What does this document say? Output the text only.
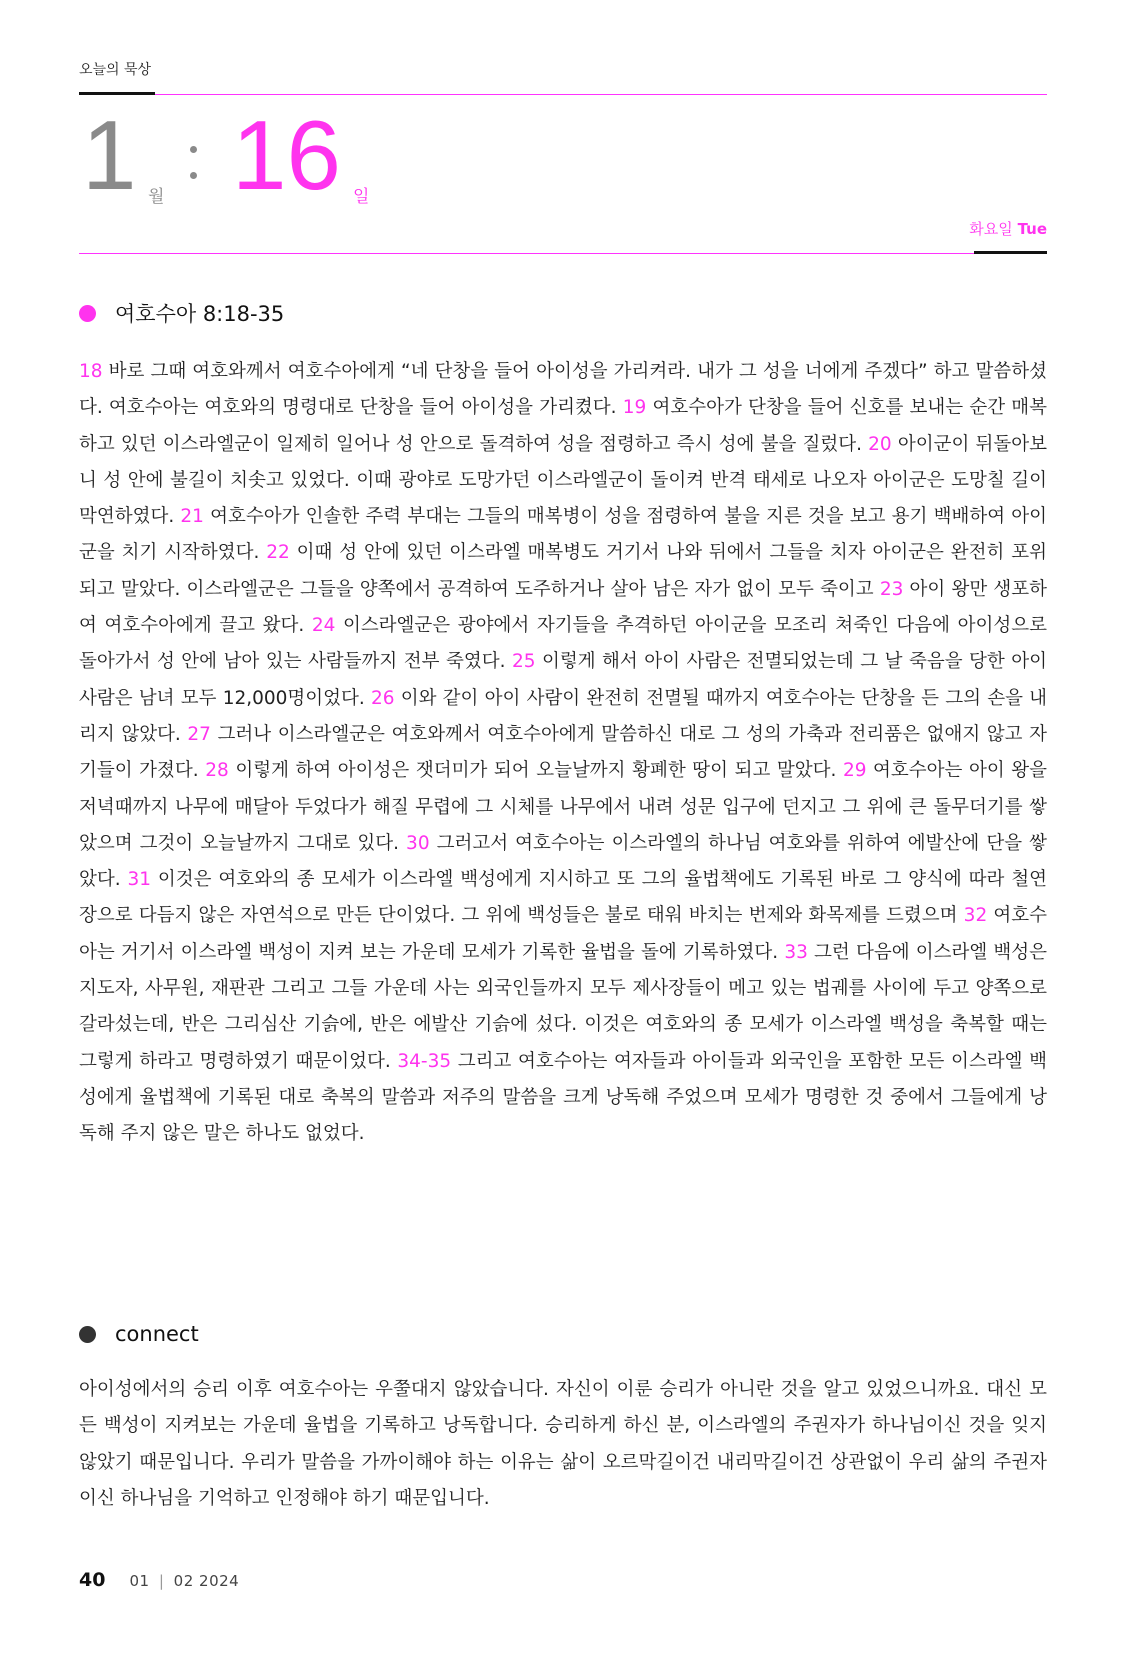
오늘의 묵상
1 월 16 일
화요일 Tue
여호수아 8:18-35
18 바로 그때 여호와께서 여호수아에게 “네 단창을 들어 아이성을 가리켜라. 내가 그 성을 너에게 주겠다” 하고 말씀하셨다. 여호수아는 여호와의 명령대로 단창을 들어 아이성을 가리켰다. 19 여호수아가 단창을 들어 신호를 보내는 순간 매복하고 있던 이스라엘군이 일제히 일어나 성 안으로 돌격하여 성을 점령하고 즉시 성에 불을 질렀다. 20 아이군이 뒤돌아보니 성 안에 불길이 치솟고 있었다. 이때 광야로 도망가던 이스라엘군이 돌이켜 반격 태세로 나오자 아이군은 도망칠 길이 막연하였다. 21 여호수아가 인솔한 주력 부대는 그들의 매복병이 성을 점령하여 불을 지른 것을 보고 용기 백배하여 아이군을 치기 시작하였다. 22 이때 성 안에 있던 이스라엘 매복병도 거기서 나와 뒤에서 그들을 치자 아이군은 완전히 포위되고 말았다. 이스라엘군은 그들을 양쪽에서 공격하여 도주하거나 살아 남은 자가 없이 모두 죽이고 23 아이 왕만 생포하여 여호수아에게 끌고 왔다. 24 이스라엘군은 광야에서 자기들을 추격하던 아이군을 모조리 쳐죽인 다음에 아이성으로 돌아가서 성 안에 남아 있는 사람들까지 전부 죽였다. 25 이렇게 해서 아이 사람은 전멸되었는데 그 날 죽음을 당한 아이 사람은 남녀 모두 12,000명이었다. 26 이와 같이 아이 사람이 완전히 전멸될 때까지 여호수아는 단창을 든 그의 손을 내리지 않았다. 27 그러나 이스라엘군은 여호와께서 여호수아에게 말씀하신 대로 그 성의 가축과 전리품은 없애지 않고 자기들이 가졌다. 28 이렇게 하여 아이성은 잿더미가 되어 오늘날까지 황폐한 땅이 되고 말았다. 29 여호수아는 아이 왕을 저녁때까지 나무에 매달아 두었다가 해질 무렵에 그 시체를 나무에서 내려 성문 입구에 던지고 그 위에 큰 돌무더기를 쌓았으며 그것이 오늘날까지 그대로 있다. 30 그러고서 여호수아는 이스라엘의 하나님 여호와를 위하여 에발산에 단을 쌓았다. 31 이것은 여호와의 종 모세가 이스라엘 백성에게 지시하고 또 그의 율법책에도 기록된 바로 그 양식에 따라 철연장으로 다듬지 않은 자연석으로 만든 단이었다. 그 위에 백성들은 불로 태워 바치는 번제와 화목제를 드렸으며 32 여호수아는 거기서 이스라엘 백성이 지켜 보는 가운데 모세가 기록한 율법을 돌에 기록하였다. 33 그런 다음에 이스라엘 백성은 지도자, 사무원, 재판관 그리고 그들 가운데 사는 외국인들까지 모두 제사장들이 메고 있는 법궤를 사이에 두고 양쪽으로 갈라섰는데, 반은 그리심산 기슭에, 반은 에발산 기슭에 섰다. 이것은 여호와의 종 모세가 이스라엘 백성을 축복할 때는 그렇게 하라고 명령하였기 때문이었다. 34-35 그리고 여호수아는 여자들과 아이들과 외국인을 포함한 모든 이스라엘 백성에게 율법책에 기록된 대로 축복의 말씀과 저주의 말씀을 크게 낭독해 주었으며 모세가 명령한 것 중에서 그들에게 낭독해 주지 않은 말은 하나도 없었다.
connect
아이성에서의 승리 이후 여호수아는 우쭐대지 않았습니다. 자신이 이룬 승리가 아니란 것을 알고 있었으니까요. 대신 모든 백성이 지켜보는 가운데 율법을 기록하고 낭독합니다. 승리하게 하신 분, 이스라엘의 주권자가 하나님이신 것을 잊지 않았기 때문입니다. 우리가 말씀을 가까이해야 하는 이유는 삶이 오르막길이건 내리막길이건 상관없이 우리 삶의 주권자이신 하나님을 기억하고 인정해야 하기 때문입니다.
40 01 | 02 2024
